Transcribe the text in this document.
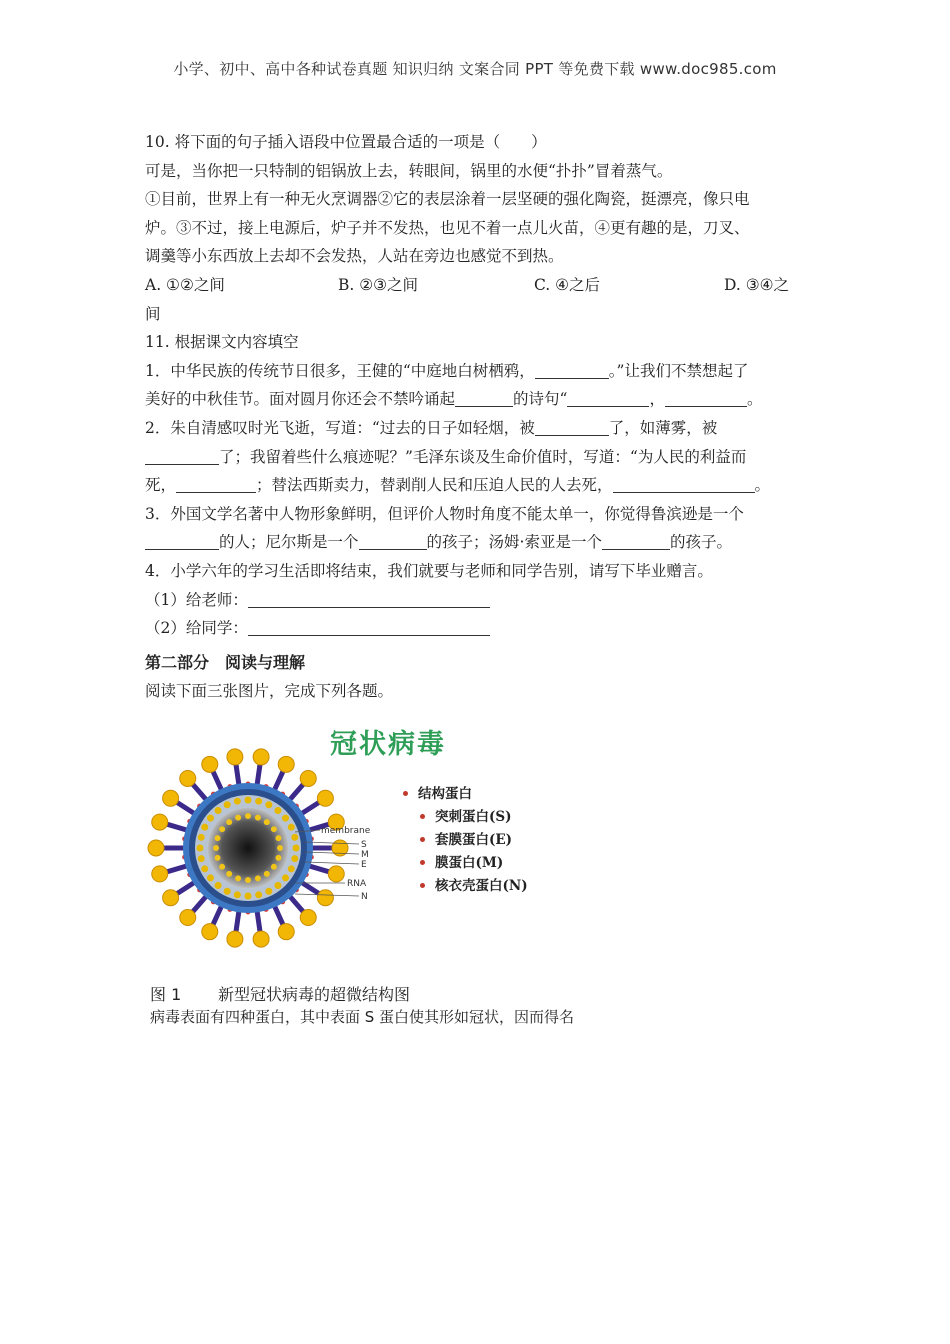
小学、初中、高中各种试卷真题 知识归纳 文案合同 PPT 等免费下载 www.doc985.com
10. 将下面的句子插入语段中位置最合适的一项是（　　）
可是，当你把一只特制的铝锅放上去，转眼间，锅里的水便“扑扑”冒着蒸气。
①目前，世界上有一种无火烹调器②它的表层涂着一层坚硬的强化陶瓷，挺漂亮，像只电
炉。③不过，接上电源后，炉子并不发热，也见不着一点儿火苗，④更有趣的是，刀叉、
调羹等小东西放上去却不会发热，人站在旁边也感觉不到热。
A. ①②之间	B. ②③之间	C. ④之后	D. ③④之
间
11. 根据课文内容填空
1．中华民族的传统节日很多，王健的“中庭地白树栖鸦，	。”让我们不禁想起了
美好的中秋佳节。面对圆月你还会不禁吟诵起	的诗句“	，	。
2．朱自清感叹时光飞逝，写道：“过去的日子如轻烟，被	了，如薄雾，被
了；我留着些什么痕迹呢？”毛泽东谈及生命价值时，写道：“为人民的利益而
死，	；替法西斯卖力，替剥削人民和压迫人民的人去死，	。
3．外国文学名著中人物形象鲜明，但评价人物时角度不能太单一，你觉得鲁滨逊是一个
的人；尼尔斯是一个	的孩子；汤姆·索亚是一个	的孩子。
4．小学六年的学习生活即将结束，我们就要与老师和同学告别，请写下毕业赠言。
（1）给老师：
（2）给同学：
第二部分　阅读与理解
阅读下面三张图片，完成下列各题。
冠状病毒
membrane
S
M
E
RNA
N
结构蛋白
突刺蛋白(S)
套膜蛋白(E)
膜蛋白(M)
核衣壳蛋白(N)
图 1 新型冠状病毒的超微结构图
病毒表面有四种蛋白，其中表面 S 蛋白使其形如冠状，因而得名
